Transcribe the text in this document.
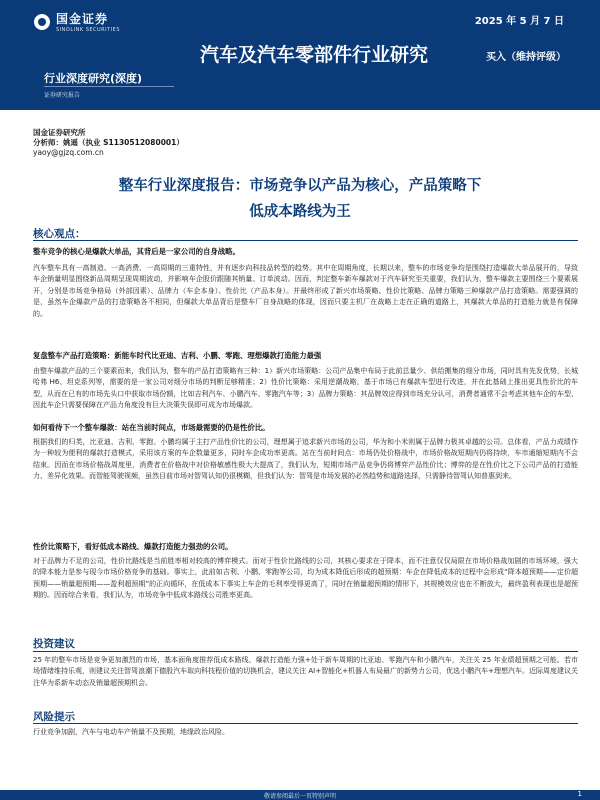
国金证券
SINOLINK SECURITIES
2025 年 5 月 7 日
汽车及汽车零部件行业研究	买入（维持评级）
行业深度研究(深度)
证券研究报告
国金证券研究所
分析师：姚遥（执业 S1130512080001）
yaoy@gjzq.com.cn
整车行业深度报告：市场竞争以产品为核心，产品策略下
低成本路线为王
核心观点：
整车竞争的核心是爆款大单品，其背后是一家公司的自身战略。
汽车整车具有一高制造、一高消费、一高周期的三重特性，并有逐步向科技品转型的趋势。其中在周期角度，长期以来，整车的市场竞争均是围绕打造爆款大单品展开的，导致车企销量明显围绕新品周期呈现周期波动，并影响车企股价跟随其销量、订单波动。因而，判定整车新车爆款对于汽车研究至关重要，我们认为，整车爆款主要围绕三个要素展开，分别是市场竞争格局（外部因素）、品牌力（车企本身）、性价比（产品本身）。并最终形成了新兴市场策略、性价比策略、品牌力策略三种爆款产品打造策略。需要强调的是，虽然车企爆款产品的打造策略各不相同，但爆款大单品背后是整车厂自身战略的体现，因而只要主机厂在战略上走在正确的道路上，其爆款大单品的打造能力就是有保障的。
复盘整车产品打造策略：新能车时代比亚迪、吉利、小鹏、零跑、理想爆款打造能力最强
由整车爆款产品的三个要素而来，我们认为，整车的产品打造策略有三种：1）新兴市场策略：公司产品集中布局于此前总量少、供给搬集的细分市场，同时具有先发优势，长城哈弗 H6、坦克系列等，需要的是一家公司对细分市场的判断足够精准；2）性价比策略：采用逆潮战略，基于市场已有爆款车型进行改进，并在此基础上推出更具性价比的车型，从而在已有的市场先头口中获取市场份额，比如吉利汽车、小鹏汽车、零跑汽车等；3）品牌力策略：其品牌效应得到市场充分认可，消费者通常不会考虑其他车企的车型，因此车企只需要保障在产品力角度没有巨大决策失误即可成为市场爆款。
如何看待下一个整车爆款：站在当前时间点，市场最需要的仍是性价比。
根据我们的归类，比亚迪、吉利、零跑、小鹏均属于主打产品性价比的公司，理想属于追求新兴市场的公司，华为和小米则属于品牌力极其卓越的公司。总体看，产品力成绩作为一种较为便利的爆款打造模式，采用该方案的车企数量更多，同时车企成功率更高。站在当前时间点：市场仍处价格战中，市场价格战短期内仍将持续，车市通缩短期内不会结束。因而在市场价格战周度里，消费者在价格战中对价格敏感性极大大提高了，我们认为，短期市场产品竞争仍将博弈产品性价比；博弈的是在性价比之下公司产品的打造能力、差异化效果。而智能驾驶视频，虽然目前市场对智驾认知仍很模糊，但我们认为：智驾是市场发展的必然趋势和道路选择，只需静待智驾认知普惠到来。
性价比策略下，看好低成本路线、爆款打造能力强劲的公司。
对于品牌力不足的公司，性价比路线是当前胜率相对较高的博弈模式。而对于性价比路线的公司，其核心要求在于降本，而不注意仅仅局限在市场价格战加剧的市场环境，强大的降本能力是参与现今市场价格竞争的基础。事实上，此前如吉利、小鹏、零跑等公司，均为成本降低后形成的超预期：车企在降低成本的过程中会形成“降本超预期——定价超预期——销量超预期——盈利超预期”的正向循环，在低成本下事实上车企的毛利率受得更高了，同时在销量超预期的情形下，其规模效应也在不断放大，最终盈利表现也是超预期的。因而综合来看，我们认为，市场竞争中低成本路线公司胜率更高。
投资建议
25 年的整车市场是竞争更加激烈的市场，基本面角度推荐低成本路线、爆款打造能力强+处于新车周期的比亚迪、零跑汽车和小鹏汽车，关注关 25 年业绩超预期之可能。若市场情绪维持乐观，则建议关注智驾浪潮下德股汽车取向科技程价值的切换机会，建议关注 AI+智能化+机器人布局最广的新势力公司，优选小鹏汽车+理想汽车。近际周度建议关注华为系新车动态及销量超预期机会。
风险提示
行业竞争加剧，汽车与电动车产销量不及预期，地缘政治风险。
敬请参阅最后一页特别声明	1
